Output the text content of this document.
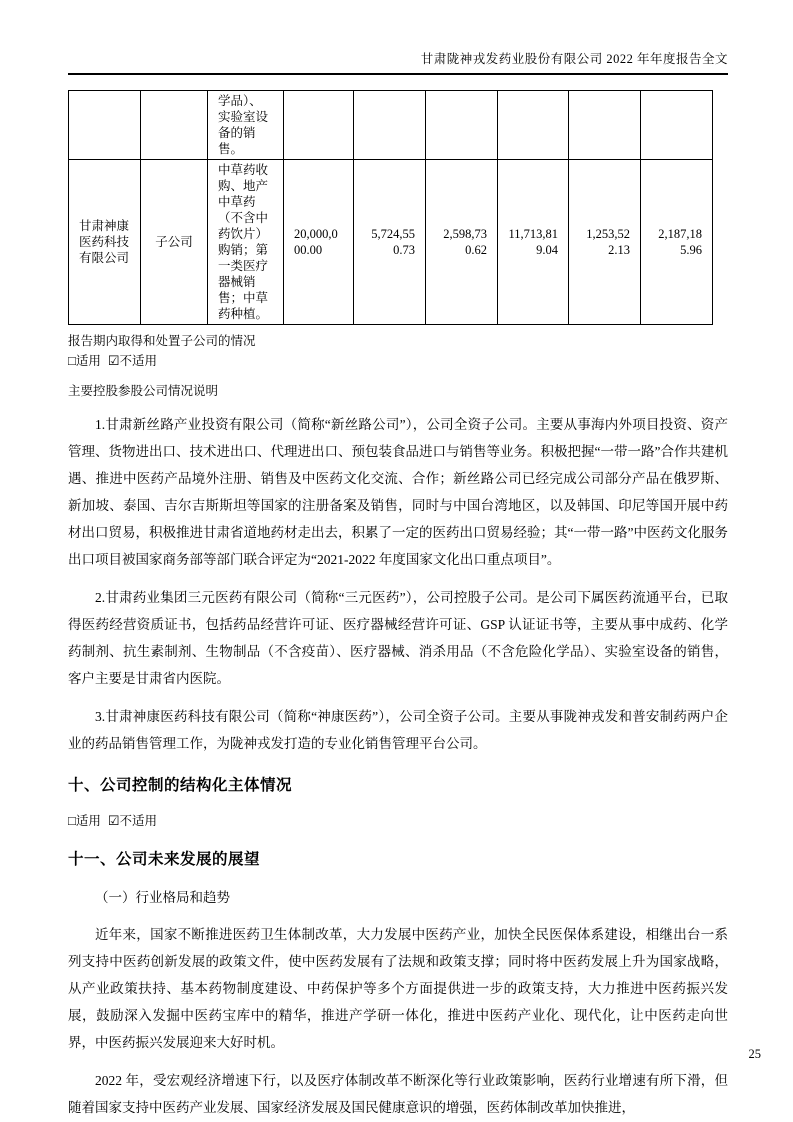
甘肃陇神戎发药业股份有限公司 2022 年年度报告全文
		学品）、实验室设备的销售。						
甘肃神康医药科技有限公司	子公司	中草药收购、地产中草药（不含中药饮片）购销；第一类医疗器械销售；中草药种植。	20,000,000.00	5,724,550.73	2,598,730.62	11,713,819.04	1,253,522.13	2,187,185.96
报告期内取得和处置子公司的情况
□适用 ☑不适用
主要控股参股公司情况说明

1.甘肃新丝路产业投资有限公司（简称“新丝路公司”），公司全资子公司。主要从事海内外项目投资、资产管理、货物进出口、技术进出口、代理进出口、预包装食品进口与销售等业务。积极把握“一带一路”合作共建机遇、推进中医药产品境外注册、销售及中医药文化交流、合作；新丝路公司已经完成公司部分产品在俄罗斯、新加坡、泰国、吉尔吉斯斯坦等国家的注册备案及销售，同时与中国台湾地区，以及韩国、印尼等国开展中药材出口贸易，积极推进甘肃省道地药材走出去，积累了一定的医药出口贸易经验；其“一带一路”中医药文化服务出口项目被国家商务部等部门联合评定为“2021-2022 年度国家文化出口重点项目”。

2.甘肃药业集团三元医药有限公司（简称“三元医药”），公司控股子公司。是公司下属医药流通平台，已取得医药经营资质证书，包括药品经营许可证、医疗器械经营许可证、GSP 认证证书等，主要从事中成药、化学药制剂、抗生素制剂、生物制品（不含疫苗）、医疗器械、消杀用品（不含危险化学品）、实验室设备的销售，客户主要是甘肃省内医院。

3.甘肃神康医药科技有限公司（简称“神康医药”），公司全资子公司。主要从事陇神戎发和普安制药两户企业的药品销售管理工作，为陇神戎发打造的专业化销售管理平台公司。

十、公司控制的结构化主体情况
□适用 ☑不适用
十一、公司未来发展的展望
（一）行业格局和趋势

近年来，国家不断推进医药卫生体制改革，大力发展中医药产业，加快全民医保体系建设，相继出台一系列支持中医药创新发展的政策文件，使中医药发展有了法规和政策支撑；同时将中医药发展上升为国家战略，从产业政策扶持、基本药物制度建设、中药保护等多个方面提供进一步的政策支持，大力推进中医药振兴发展，鼓励深入发掘中医药宝库中的精华，推进产学研一体化，推进中医药产业化、现代化，让中医药走向世界，中医药振兴发展迎来大好时机。

2022 年，受宏观经济增速下行，以及医疗体制改革不断深化等行业政策影响，医药行业增速有所下滑，但随着国家支持中医药产业发展、国家经济发展及国民健康意识的增强，医药体制改革加快推进，

25
